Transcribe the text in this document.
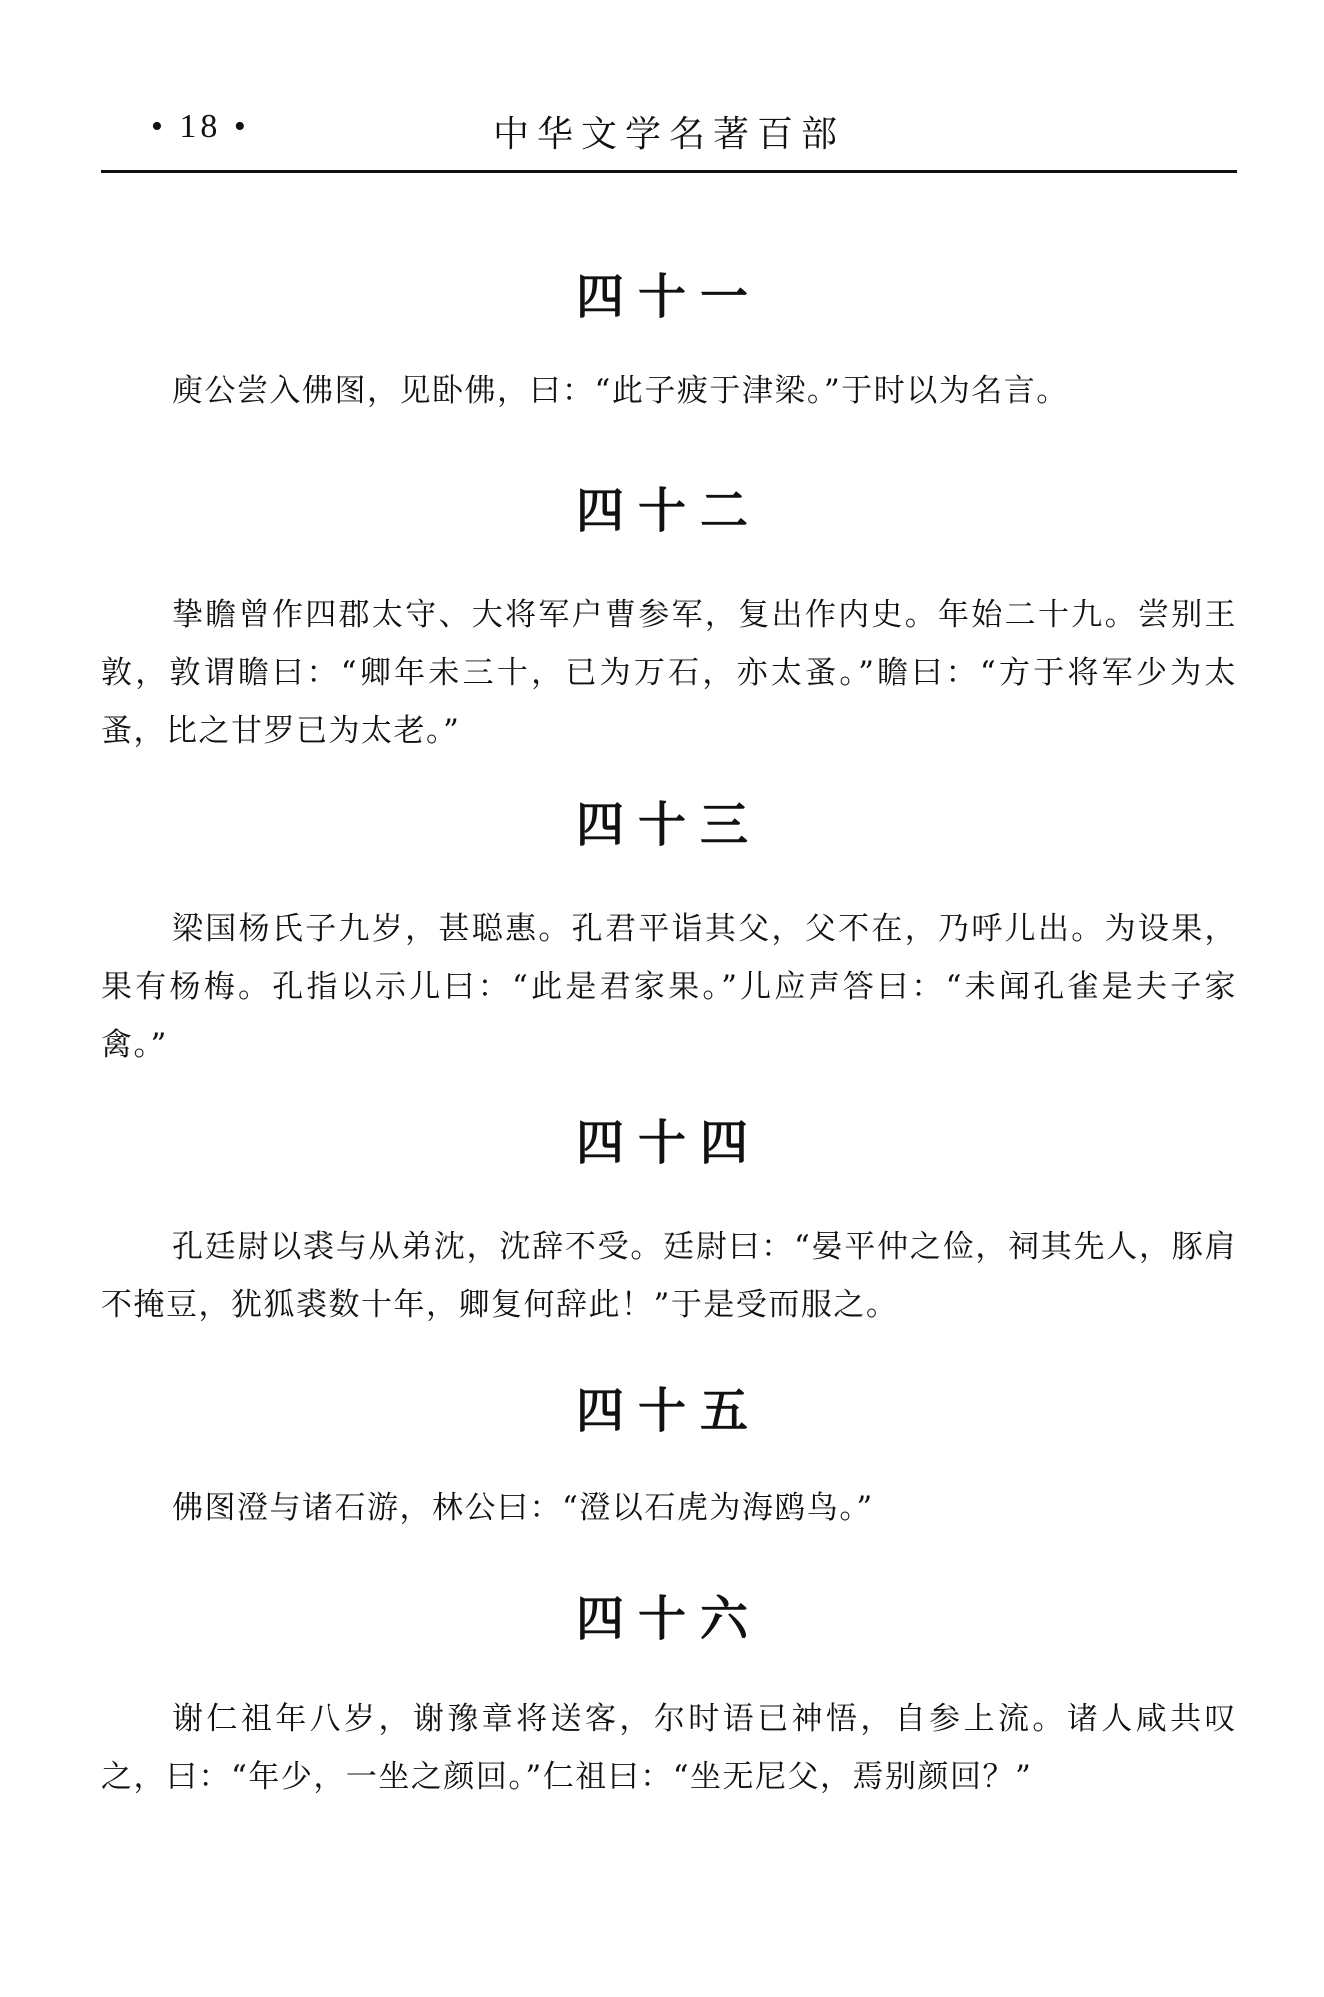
• 18 •	中华文学名著百部
四十一

庾公尝入佛图，见卧佛，曰：“此子疲于津梁。”于时以为名言。

四十二

挚瞻曾作四郡太守、大将军户曹参军，复出作内史。年始二十九。尝别王敦，敦谓瞻曰：“卿年未三十，已为万石，亦太蚤。”瞻曰：“方于将军少为太蚤，比之甘罗已为太老。”

四十三

梁国杨氏子九岁，甚聪惠。孔君平诣其父，父不在，乃呼儿出。为设果，果有杨梅。孔指以示儿曰：“此是君家果。”儿应声答曰：“未闻孔雀是夫子家禽。”

四十四

孔廷尉以裘与从弟沈，沈辞不受。廷尉曰：“晏平仲之俭，祠其先人，豚肩不掩豆，犹狐裘数十年，卿复何辞此！”于是受而服之。

四十五

佛图澄与诸石游，林公曰：“澄以石虎为海鸥鸟。”

四十六

谢仁祖年八岁，谢豫章将送客，尔时语已神悟，自参上流。诸人咸共叹之，曰：“年少，一坐之颜回。”仁祖曰：“坐无尼父，焉别颜回？”
